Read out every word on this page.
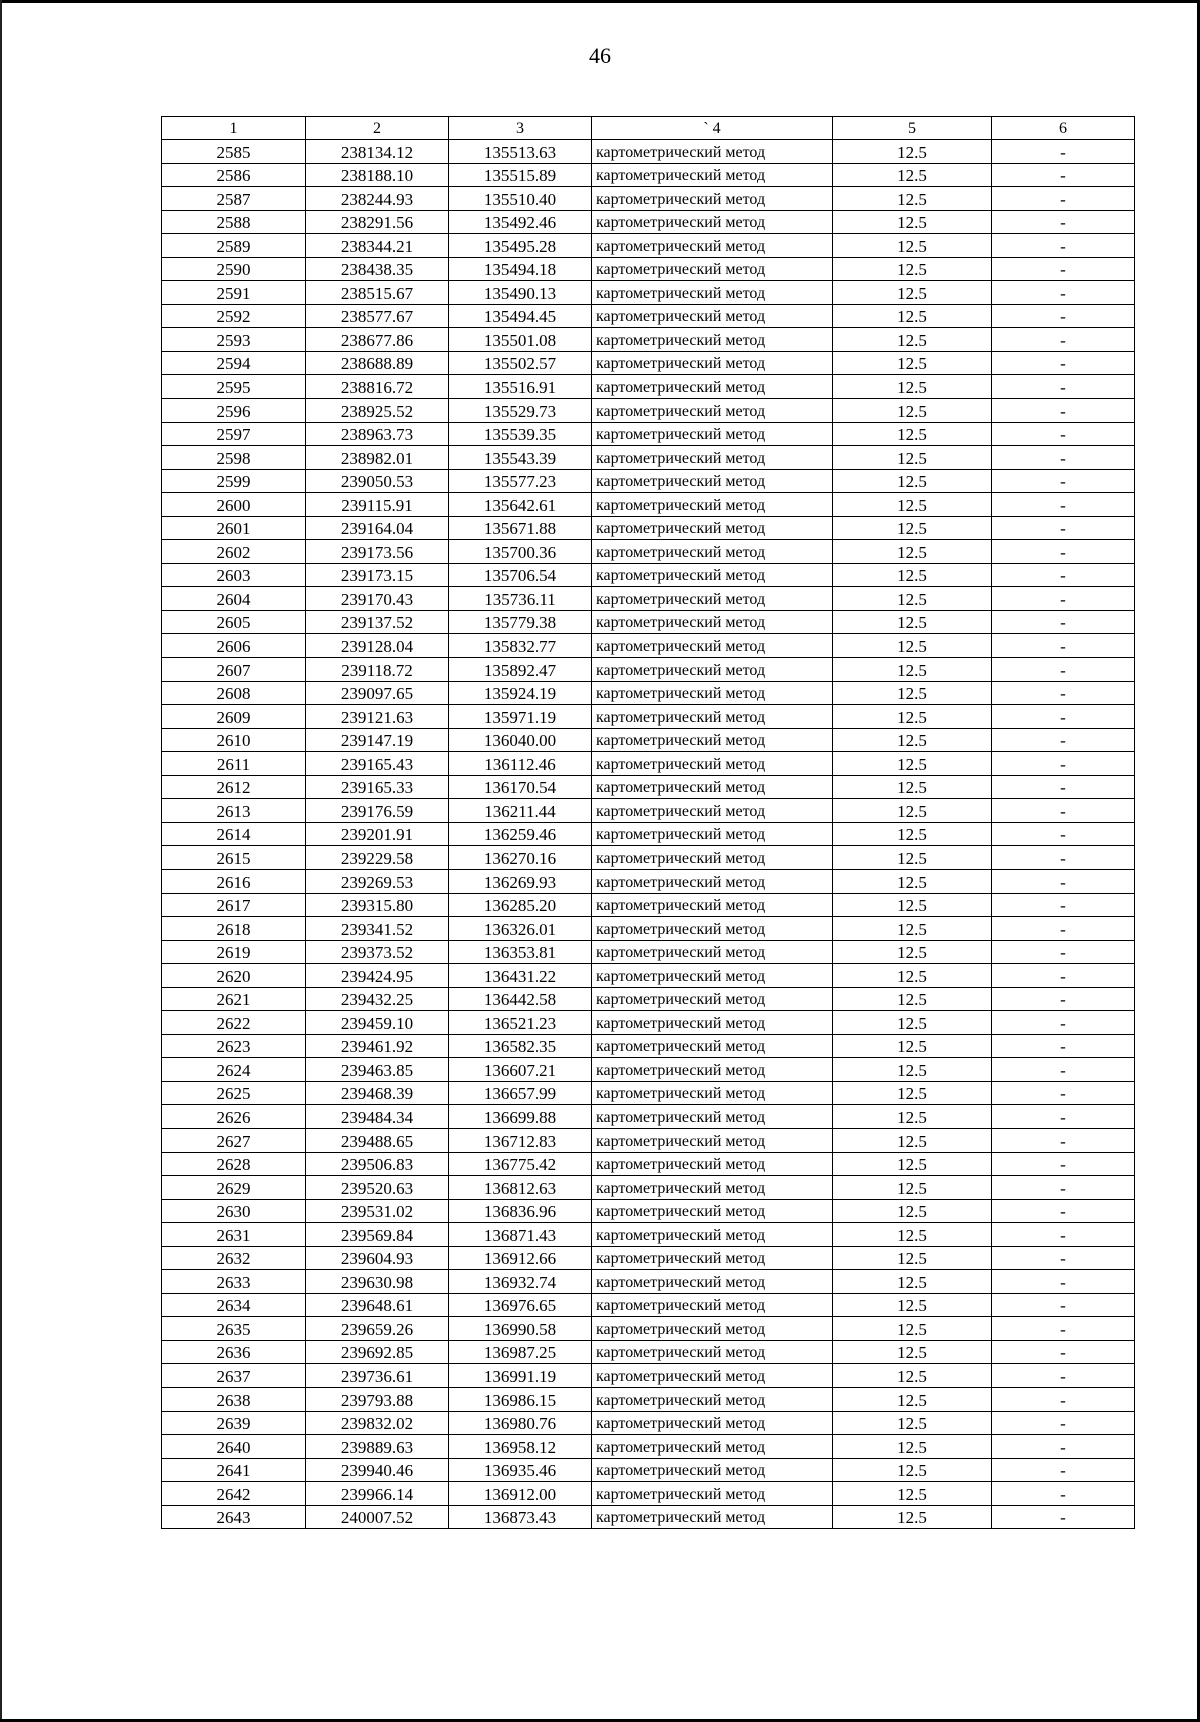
46
1	2	3	` 4	5	6
2585	238134.12	135513.63	картометрический метод	12.5	-
2586	238188.10	135515.89	картометрический метод	12.5	-
2587	238244.93	135510.40	картометрический метод	12.5	-
2588	238291.56	135492.46	картометрический метод	12.5	-
2589	238344.21	135495.28	картометрический метод	12.5	-
2590	238438.35	135494.18	картометрический метод	12.5	-
2591	238515.67	135490.13	картометрический метод	12.5	-
2592	238577.67	135494.45	картометрический метод	12.5	-
2593	238677.86	135501.08	картометрический метод	12.5	-
2594	238688.89	135502.57	картометрический метод	12.5	-
2595	238816.72	135516.91	картометрический метод	12.5	-
2596	238925.52	135529.73	картометрический метод	12.5	-
2597	238963.73	135539.35	картометрический метод	12.5	-
2598	238982.01	135543.39	картометрический метод	12.5	-
2599	239050.53	135577.23	картометрический метод	12.5	-
2600	239115.91	135642.61	картометрический метод	12.5	-
2601	239164.04	135671.88	картометрический метод	12.5	-
2602	239173.56	135700.36	картометрический метод	12.5	-
2603	239173.15	135706.54	картометрический метод	12.5	-
2604	239170.43	135736.11	картометрический метод	12.5	-
2605	239137.52	135779.38	картометрический метод	12.5	-
2606	239128.04	135832.77	картометрический метод	12.5	-
2607	239118.72	135892.47	картометрический метод	12.5	-
2608	239097.65	135924.19	картометрический метод	12.5	-
2609	239121.63	135971.19	картометрический метод	12.5	-
2610	239147.19	136040.00	картометрический метод	12.5	-
2611	239165.43	136112.46	картометрический метод	12.5	-
2612	239165.33	136170.54	картометрический метод	12.5	-
2613	239176.59	136211.44	картометрический метод	12.5	-
2614	239201.91	136259.46	картометрический метод	12.5	-
2615	239229.58	136270.16	картометрический метод	12.5	-
2616	239269.53	136269.93	картометрический метод	12.5	-
2617	239315.80	136285.20	картометрический метод	12.5	-
2618	239341.52	136326.01	картометрический метод	12.5	-
2619	239373.52	136353.81	картометрический метод	12.5	-
2620	239424.95	136431.22	картометрический метод	12.5	-
2621	239432.25	136442.58	картометрический метод	12.5	-
2622	239459.10	136521.23	картометрический метод	12.5	-
2623	239461.92	136582.35	картометрический метод	12.5	-
2624	239463.85	136607.21	картометрический метод	12.5	-
2625	239468.39	136657.99	картометрический метод	12.5	-
2626	239484.34	136699.88	картометрический метод	12.5	-
2627	239488.65	136712.83	картометрический метод	12.5	-
2628	239506.83	136775.42	картометрический метод	12.5	-
2629	239520.63	136812.63	картометрический метод	12.5	-
2630	239531.02	136836.96	картометрический метод	12.5	-
2631	239569.84	136871.43	картометрический метод	12.5	-
2632	239604.93	136912.66	картометрический метод	12.5	-
2633	239630.98	136932.74	картометрический метод	12.5	-
2634	239648.61	136976.65	картометрический метод	12.5	-
2635	239659.26	136990.58	картометрический метод	12.5	-
2636	239692.85	136987.25	картометрический метод	12.5	-
2637	239736.61	136991.19	картометрический метод	12.5	-
2638	239793.88	136986.15	картометрический метод	12.5	-
2639	239832.02	136980.76	картометрический метод	12.5	-
2640	239889.63	136958.12	картометрический метод	12.5	-
2641	239940.46	136935.46	картометрический метод	12.5	-
2642	239966.14	136912.00	картометрический метод	12.5	-
2643	240007.52	136873.43	картометрический метод	12.5	-
